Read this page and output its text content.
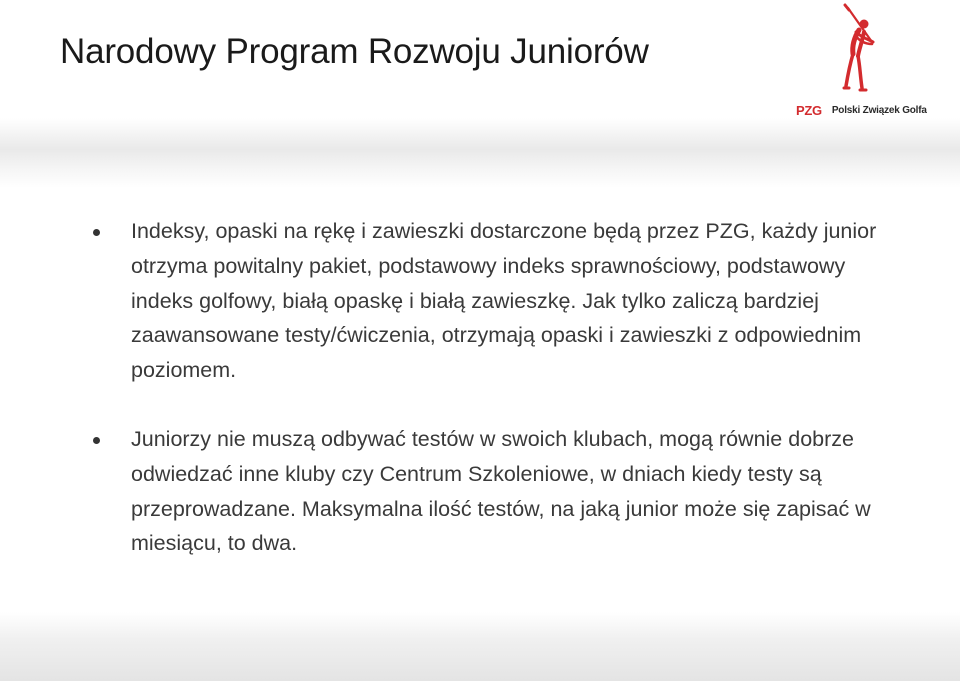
Narodowy Program Rozwoju Juniorów
PZG	Polski Związek Golfa
Indeksy, opaski na rękę i zawieszki dostarczone będą przez PZG, każdy junior otrzyma powitalny pakiet, podstawowy indeks sprawnościowy, podstawowy indeks golfowy, białą opaskę i białą zawieszkę. Jak tylko zaliczą bardziej zaawansowane testy/ćwiczenia, otrzymają opaski i zawieszki z odpowiednim poziomem.
Juniorzy nie muszą odbywać testów w swoich klubach, mogą równie dobrze odwiedzać inne kluby czy Centrum Szkoleniowe, w dniach kiedy testy są przeprowadzane. Maksymalna ilość testów, na jaką junior może się zapisać w miesiącu, to dwa.
